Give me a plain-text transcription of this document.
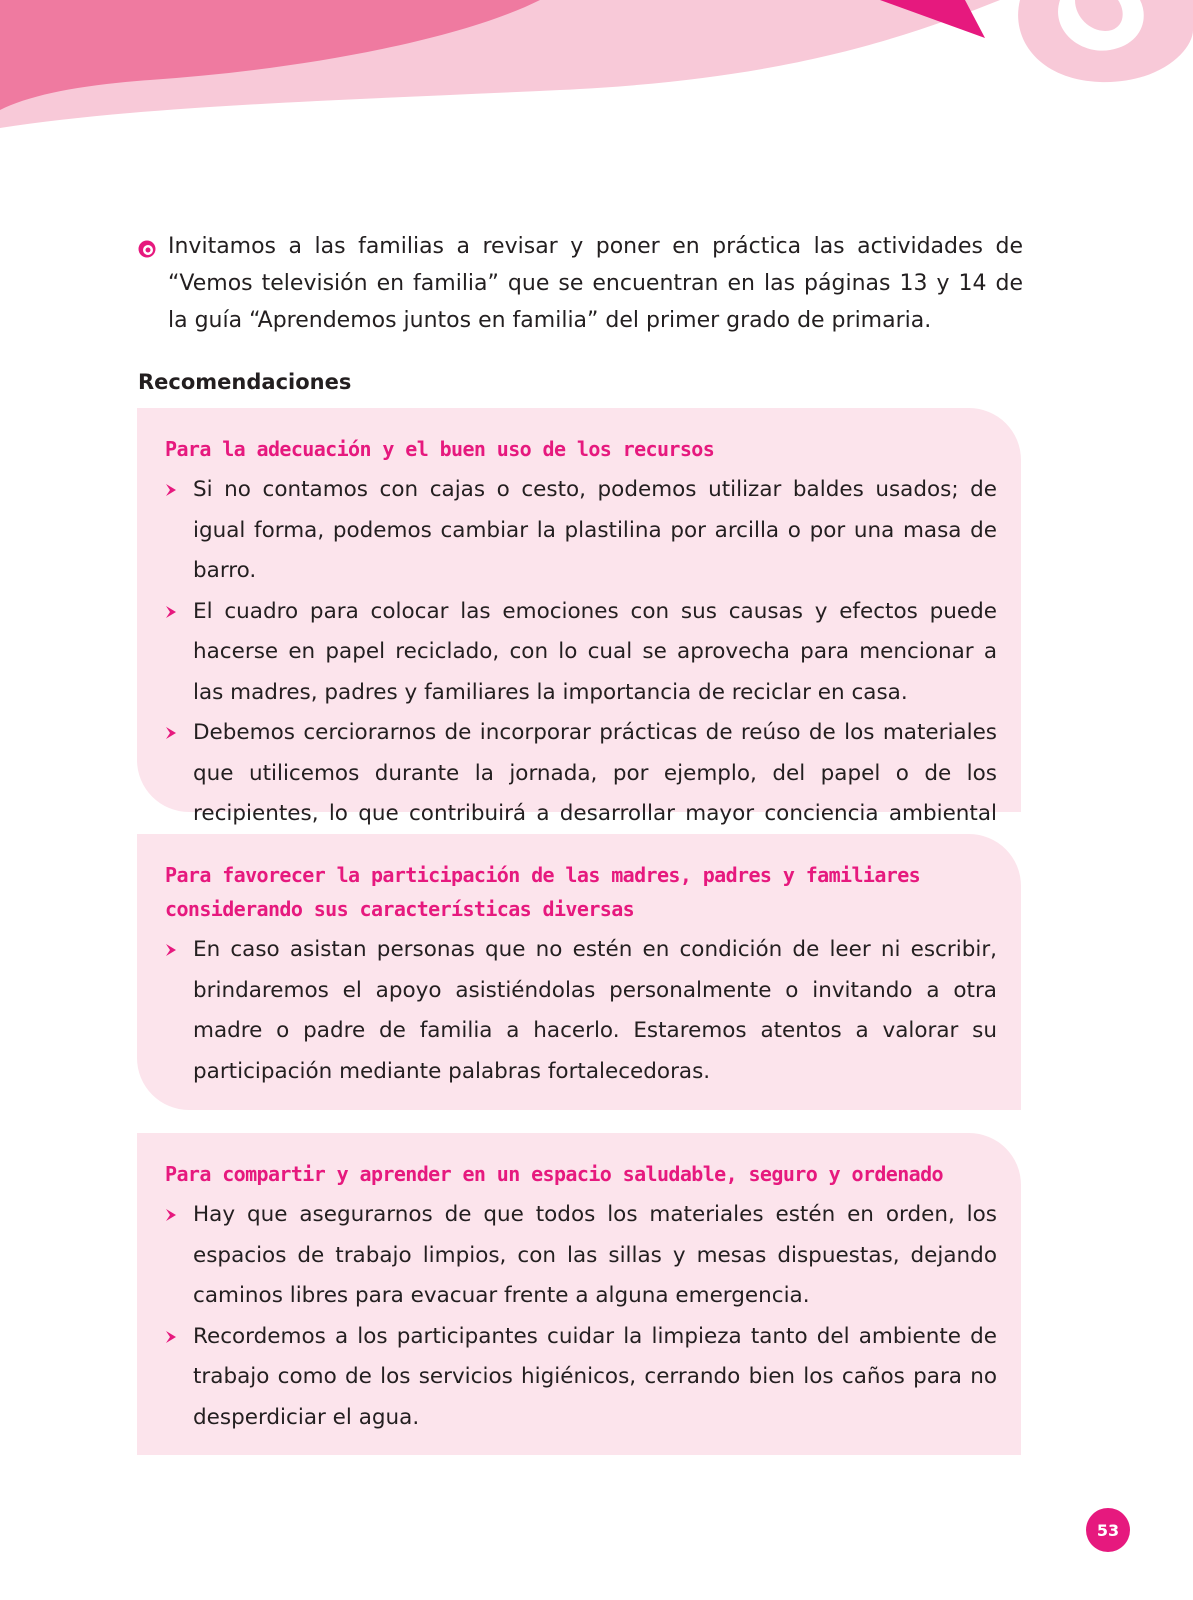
Invitamos a las familias a revisar y poner en práctica las actividades de “Vemos televisión en familia” que se encuentran en las páginas 13 y 14 de la guía “Aprendemos juntos en familia” del primer grado de primaria.

Recomendaciones
Para la adecuación y el buen uso de los recursos
Si no contamos con cajas o cesto, podemos utilizar baldes usados; de igual forma, podemos cambiar la plastilina por arcilla o por una masa de barro.
El cuadro para colocar las emociones con sus causas y efectos puede hacerse en papel reciclado, con lo cual se aprovecha para mencionar a las madres, padres y familiares la importancia de reciclar en casa.
Debemos cerciorarnos de incorporar prácticas de reúso de los materiales que utilicemos durante la jornada, por ejemplo, del papel o de los recipientes, lo que contribuirá a desarrollar mayor conciencia ambiental
Para favorecer la participación de las madres, padres y familiares considerando sus características diversas
En caso asistan personas que no estén en condición de leer ni escribir, brindaremos el apoyo asistiéndolas personalmente o invitando a otra madre o padre de familia a hacerlo. Estaremos atentos a valorar su participación mediante palabras fortalecedoras.
Para compartir y aprender en un espacio saludable, seguro y ordenado
Hay que asegurarnos de que todos los materiales estén en orden, los espacios de trabajo limpios, con las sillas y mesas dispuestas, dejando caminos libres para evacuar frente a alguna emergencia.
Recordemos a los participantes cuidar la limpieza tanto del ambiente de trabajo como de los servicios higiénicos, cerrando bien los caños para no desperdiciar el agua.
53
